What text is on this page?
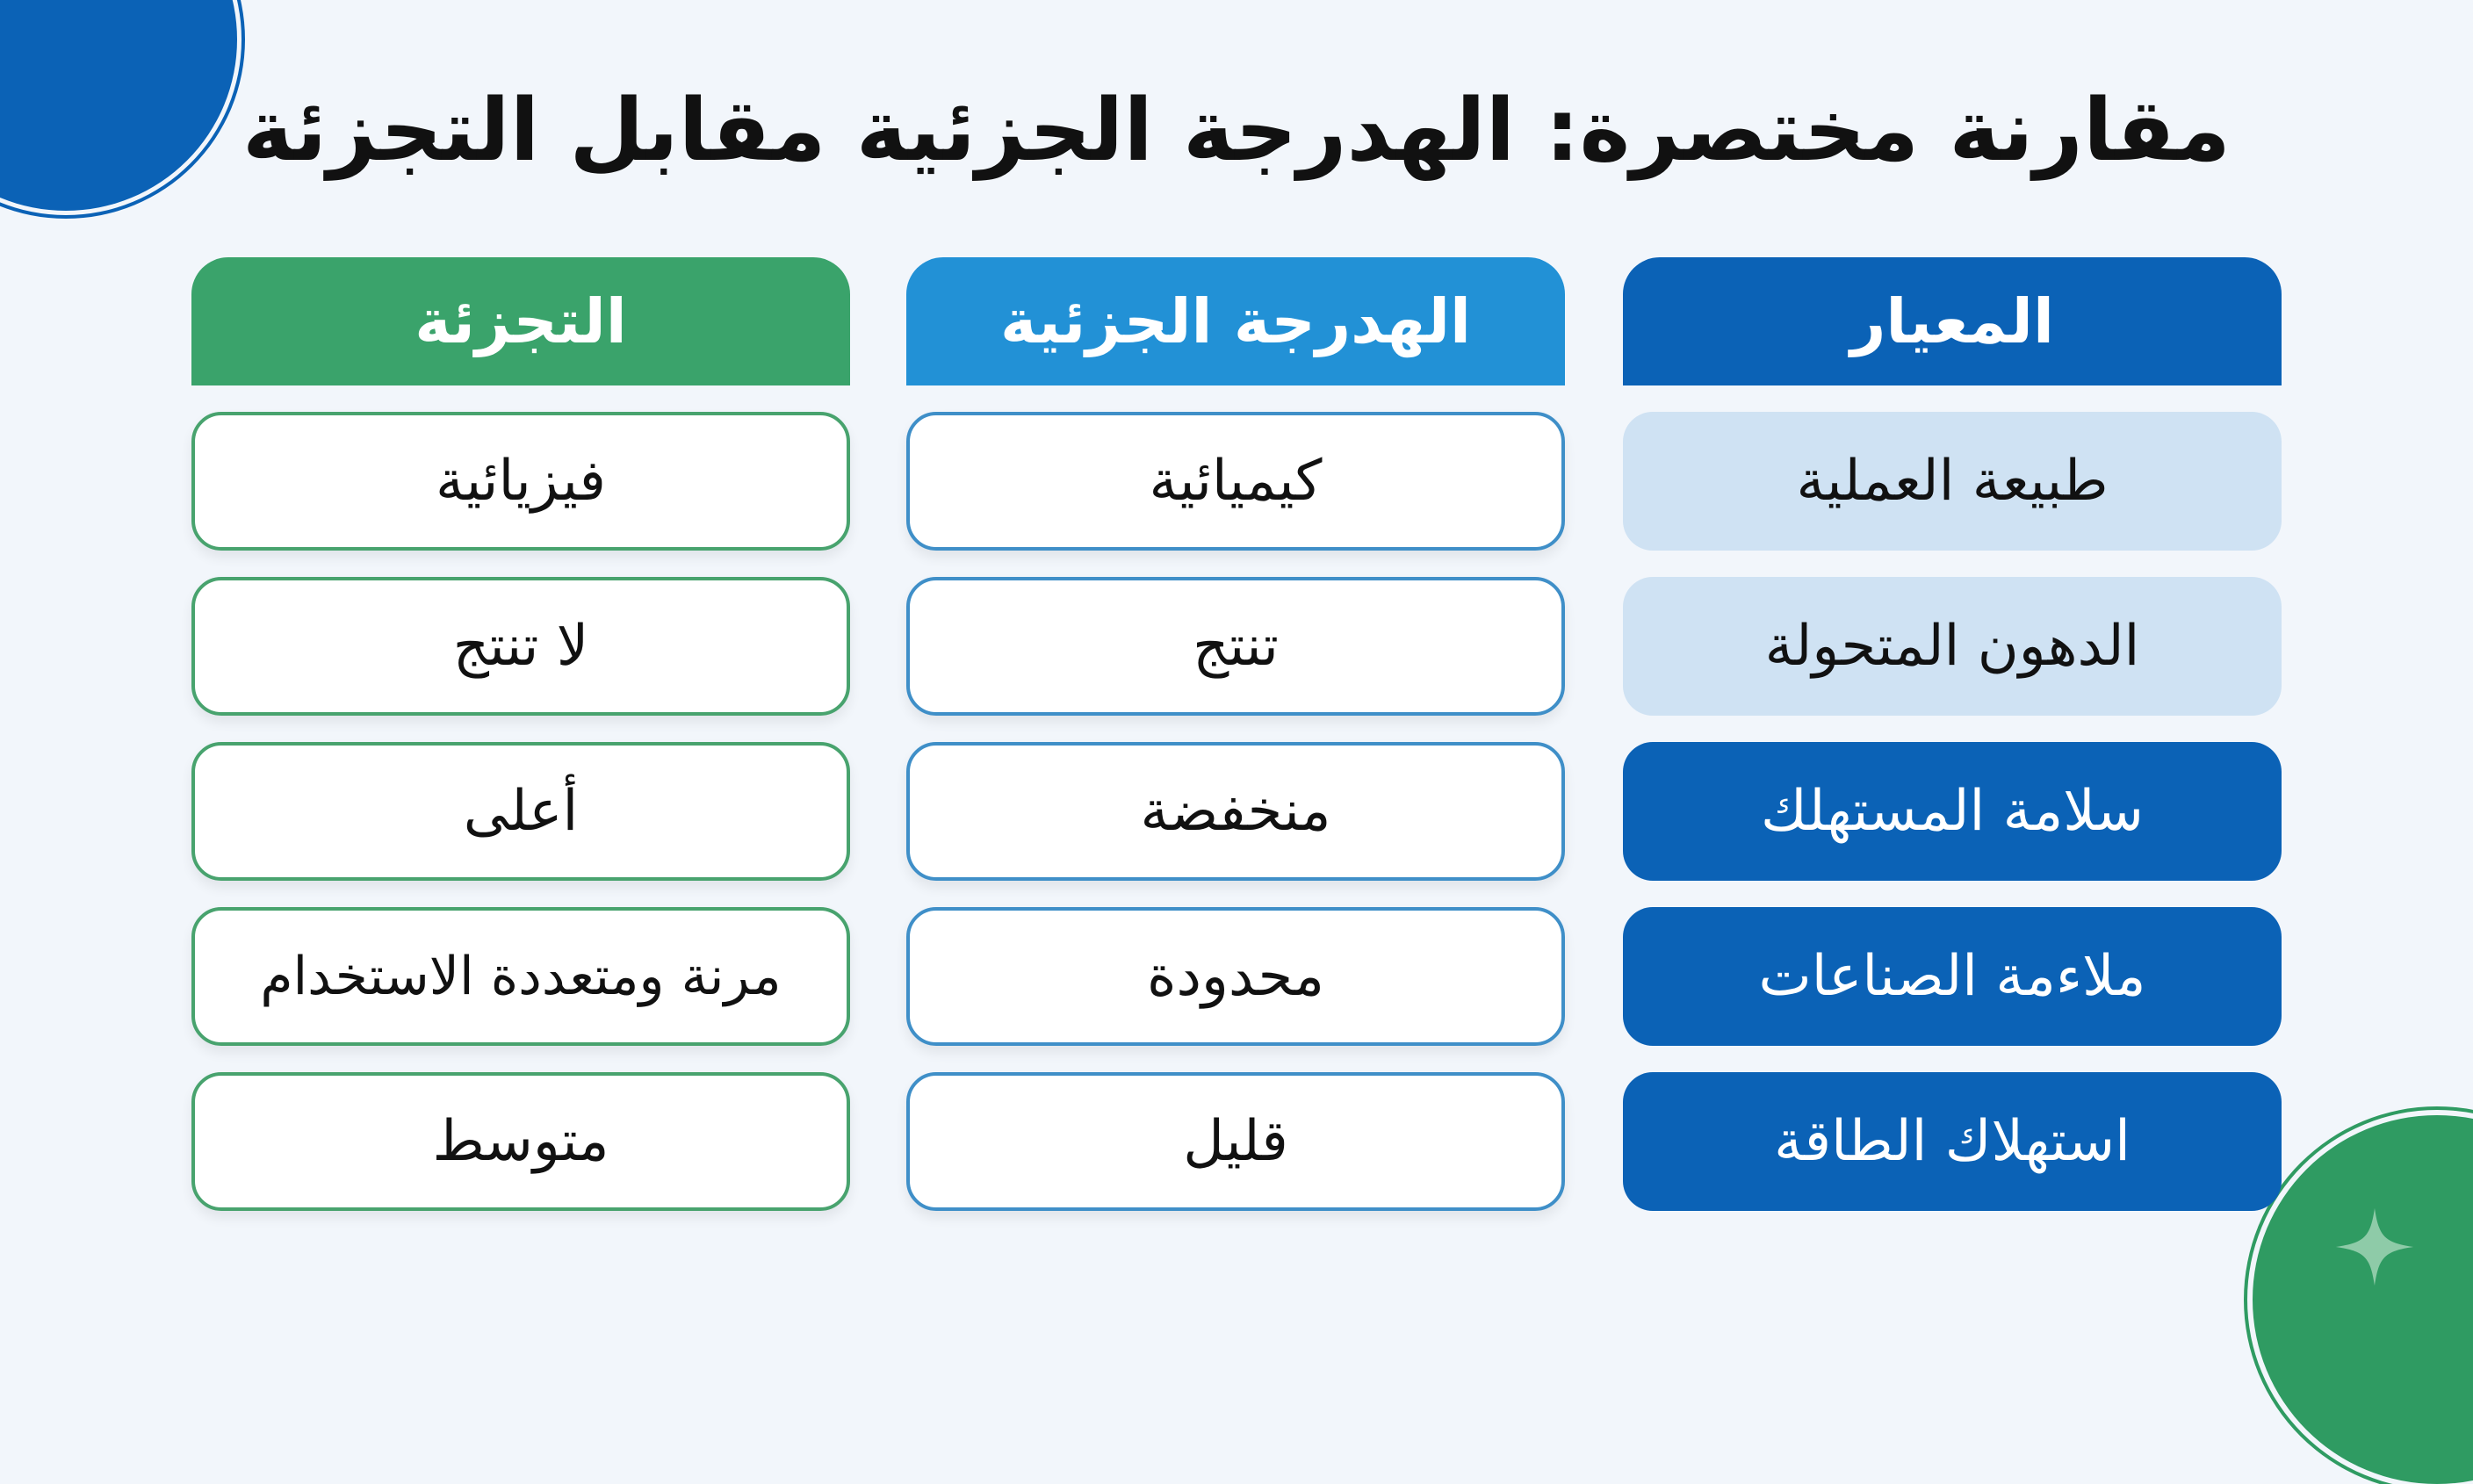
مقارنة مختصرة: الهدرجة الجزئية مقابل التجزئة
المعيار
طبيعة العملية
الدهون المتحولة
سلامة المستهلك
ملاءمة الصناعات
استهلاك الطاقة
الهدرجة الجزئية
كيميائية
تنتج
منخفضة
محدودة
قليل
التجزئة
فيزيائية
لا تنتج
أعلى
مرنة ومتعددة الاستخدام
متوسط
